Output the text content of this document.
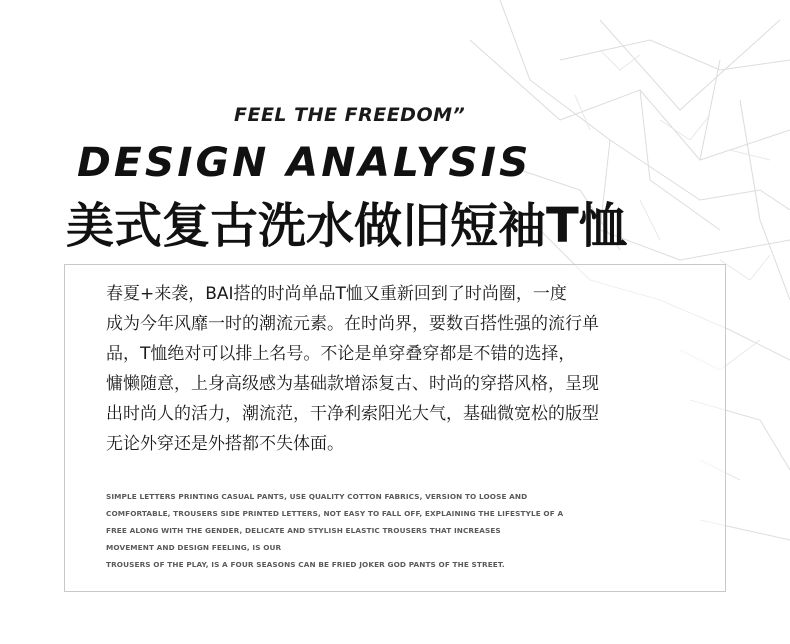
FEEL THE FREEDOM”
DESIGN ANALYSIS
美式复古洗水做旧短袖T恤
春夏+来袭，BAI搭的时尚单品T恤又重新回到了时尚圈，一度
成为今年风靡一时的潮流元素。在时尚界，要数百搭性强的流行单
品，T恤绝对可以排上名号。不论是单穿叠穿都是不错的选择，
慵懒随意，上身高级感为基础款增添复古、时尚的穿搭风格，呈现
出时尚人的活力，潮流范，干净利索阳光大气，基础微宽松的版型
无论外穿还是外搭都不失体面。
SIMPLE LETTERS PRINTING CASUAL PANTS, USE QUALITY COTTON FABRICS, VERSION TO LOOSE AND
COMFORTABLE, TROUSERS SIDE PRINTED LETTERS, NOT EASY TO FALL OFF, EXPLAINING THE LIFESTYLE OF A
FREE ALONG WITH THE GENDER, DELICATE AND STYLISH ELASTIC TROUSERS THAT INCREASES
MOVEMENT AND DESIGN FEELING, IS OUR
TROUSERS OF THE PLAY, IS A FOUR SEASONS CAN BE FRIED JOKER GOD PANTS OF THE STREET.
